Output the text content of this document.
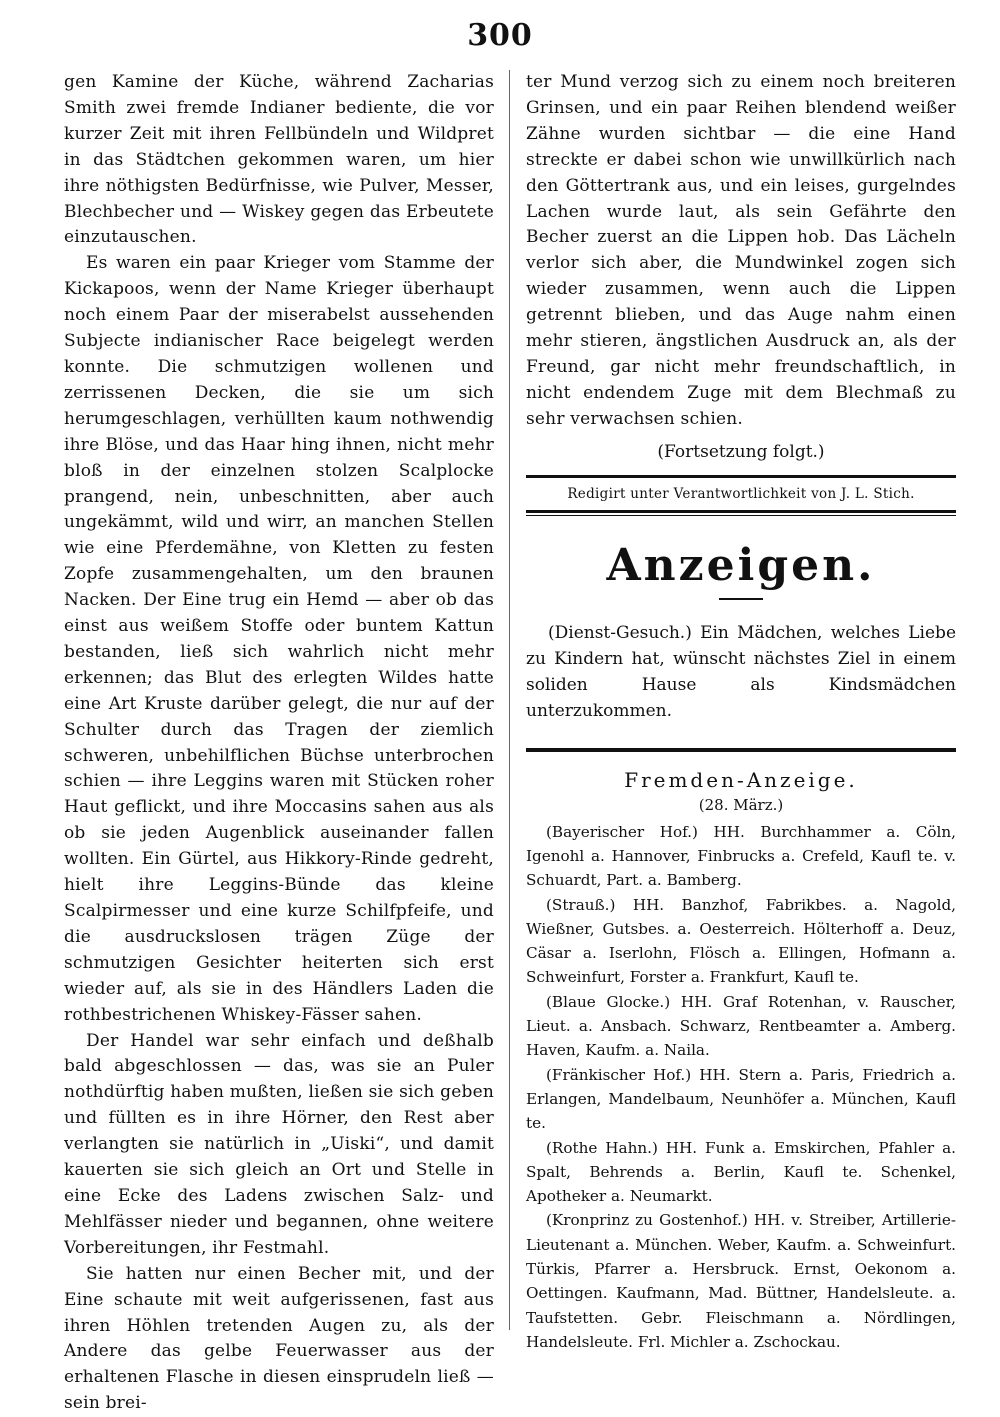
300

gen Kamine der Küche, während Zacharias Smith zwei fremde Indianer bediente, die vor kurzer Zeit mit ihren Fellbündeln und Wildpret in das Städtchen gekommen waren, um hier ihre nöthigsten Bedürfnisse, wie Pulver, Messer, Blechbecher und — Wiskey gegen das Erbeutete einzutauschen.

Es waren ein paar Krieger vom Stamme der Kickapoos, wenn der Name Krieger überhaupt noch einem Paar der miserabelst aussehenden Subjecte indianischer Race beigelegt werden konnte. Die schmutzigen wollenen und zerrissenen Decken, die sie um sich herumgeschlagen, verhüllten kaum nothwendig ihre Blöse, und das Haar hing ihnen, nicht mehr bloß in der einzelnen stolzen Scalplocke prangend, nein, unbeschnitten, aber auch ungekämmt, wild und wirr, an manchen Stellen wie eine Pferdemähne, von Kletten zu festen Zopfe zusammengehalten, um den braunen Nacken. Der Eine trug ein Hemd — aber ob das einst aus weißem Stoffe oder buntem Kattun bestanden, ließ sich wahrlich nicht mehr erkennen; das Blut des erlegten Wildes hatte eine Art Kruste darüber gelegt, die nur auf der Schulter durch das Tragen der ziemlich schweren, unbehilflichen Büchse unterbrochen schien — ihre Leggins waren mit Stücken roher Haut geflickt, und ihre Moccasins sahen aus als ob sie jeden Augenblick auseinander fallen wollten. Ein Gürtel, aus Hikkory-Rinde gedreht, hielt ihre Leggins-Bünde das kleine Scalpirmesser und eine kurze Schilfpfeife, und die ausdruckslosen trägen Züge der schmutzigen Gesichter heiterten sich erst wieder auf, als sie in des Händlers Laden die rothbestrichenen Whiskey-Fässer sahen.

Der Handel war sehr einfach und deßhalb bald abgeschlossen — das, was sie an Puler nothdürftig haben mußten, ließen sie sich geben und füllten es in ihre Hörner, den Rest aber verlangten sie natürlich in „Uiski“, und damit kauerten sie sich gleich an Ort und Stelle in eine Ecke des Ladens zwischen Salz- und Mehlfässer nieder und begannen, ohne weitere Vorbereitungen, ihr Festmahl.

Sie hatten nur einen Becher mit, und der Eine schaute mit weit aufgerissenen, fast aus ihren Höhlen tretenden Augen zu, als der Andere das gelbe Feuerwasser aus der erhaltenen Flasche in diesen einsprudeln ließ — sein brei-

ter Mund verzog sich zu einem noch breiteren Grinsen, und ein paar Reihen blendend weißer Zähne wurden sichtbar — die eine Hand streckte er dabei schon wie unwillkürlich nach den Göttertrank aus, und ein leises, gurgelndes Lachen wurde laut, als sein Gefährte den Becher zuerst an die Lippen hob. Das Lächeln verlor sich aber, die Mundwinkel zogen sich wieder zusammen, wenn auch die Lippen getrennt blieben, und das Auge nahm einen mehr stieren, ängstlichen Ausdruck an, als der Freund, gar nicht mehr freundschaftlich, in nicht endendem Zuge mit dem Blechmaß zu sehr verwachsen schien.

(Fortsetzung folgt.)

Redigirt unter Verantwortlichkeit von J. L. Stich.
Anzeigen.

(Dienst-Gesuch.) Ein Mädchen, welches Liebe zu Kindern hat, wünscht nächstes Ziel in einem soliden Hause als Kindsmädchen unterzukommen.

Fremden-Anzeige.
(28. März.)

(Bayerischer Hof.) HH. Burchhammer a. Cöln, Igenohl a. Hannover, Finbrucks a. Crefeld, Kaufl te. v. Schuardt, Part. a. Bamberg.

(Strauß.) HH. Banzhof, Fabrikbes. a. Nagold, Wießner, Gutsbes. a. Oesterreich. Hölterhoff a. Deuz, Cäsar a. Iserlohn, Flösch a. Ellingen, Hofmann a. Schweinfurt, Forster a. Frankfurt, Kaufl te.

(Blaue Glocke.) HH. Graf Rotenhan, v. Rauscher, Lieut. a. Ansbach. Schwarz, Rentbeamter a. Amberg. Haven, Kaufm. a. Naila.

(Fränkischer Hof.) HH. Stern a. Paris, Friedrich a. Erlangen, Mandelbaum, Neunhöfer a. München, Kaufl te.

(Rothe Hahn.) HH. Funk a. Emskirchen, Pfahler a. Spalt, Behrends a. Berlin, Kaufl te. Schenkel, Apotheker a. Neumarkt.

(Kronprinz zu Gostenhof.) HH. v. Streiber, Artillerie-Lieutenant a. München. Weber, Kaufm. a. Schweinfurt. Türkis, Pfarrer a. Hersbruck. Ernst, Oekonom a. Oettingen. Kaufmann, Mad. Büttner, Handelsleute. a. Taufstetten. Gebr. Fleischmann a. Nördlingen, Handelsleute. Frl. Michler a. Zschockau.
